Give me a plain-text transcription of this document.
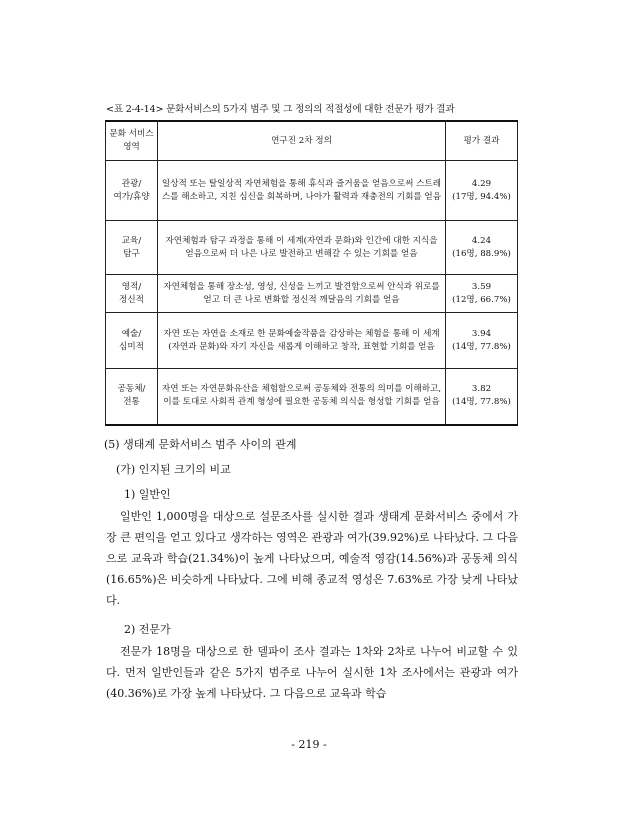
<표 2-4-14> 문화서비스의 5가지 범주 및 그 정의의 적절성에 대한 전문가 평가 결과
문화 서비스
영역	연구진 2차 정의	평가 결과
관광/
여가/휴양	일상적 또는 탈일상적 자연체험을 통해 휴식과 즐거움을 얻음으로써 스트레스를 해소하고, 지친 심신을 회복하며, 나아가 활력과 재충전의 기회를 얻음	4.29
(17명, 94.4%)
교육/
탐구	자연체험과 탐구 과정을 통해 이 세계(자연과 문화)와 인간에 대한 지식을 얻음으로써 더 나은 나로 발전하고 변해갈 수 있는 기회를 얻음	4.24
(16명, 88.9%)
영적/
정신적	자연체험을 통해 장소성, 영성, 신성을 느끼고 발견함으로써 안식과 위로를 얻고 더 큰 나로 변화할 정신적 깨달음의 기회를 얻음	3.59
(12명, 66.7%)
예술/
심미적	자연 또는 자연을 소재로 한 문화예술작품을 감상하는 체험을 통해 이 세계(자연과 문화)와 자기 자신을 새롭게 이해하고 창작, 표현할 기회를 얻음	3.94
(14명, 77.8%)
공동체/
전통	자연 또는 자연문화유산을 체험함으로써 공동체와 전통의 의미를 이해하고, 이를 토대로 사회적 관계 형성에 필요한 공동체 의식을 형성할 기회를 얻음	3.82
(14명, 77.8%)
(5) 생태계 문화서비스 범주 사이의 관계
(가) 인지된 크기의 비교
1) 일반인
일반인 1,000명을 대상으로 설문조사를 실시한 결과 생태계 문화서비스 중에서 가장 큰 편익을 얻고 있다고 생각하는 영역은 관광과 여가(39.92%)로 나타났다. 그 다음으로 교육과 학습(21.34%)이 높게 나타났으며, 예술적 영감(14.56%)과 공동체 의식(16.65%)은 비슷하게 나타났다. 그에 비해 종교적 영성은 7.63%로 가장 낮게 나타났다.
2) 전문가
전문가 18명을 대상으로 한 델파이 조사 결과는 1차와 2차로 나누어 비교할 수 있다. 먼저 일반인들과 같은 5가지 범주로 나누어 실시한 1차 조사에서는 관광과 여가(40.36%)로 가장 높게 나타났다. 그 다음으로 교육과 학습
- 219 -
